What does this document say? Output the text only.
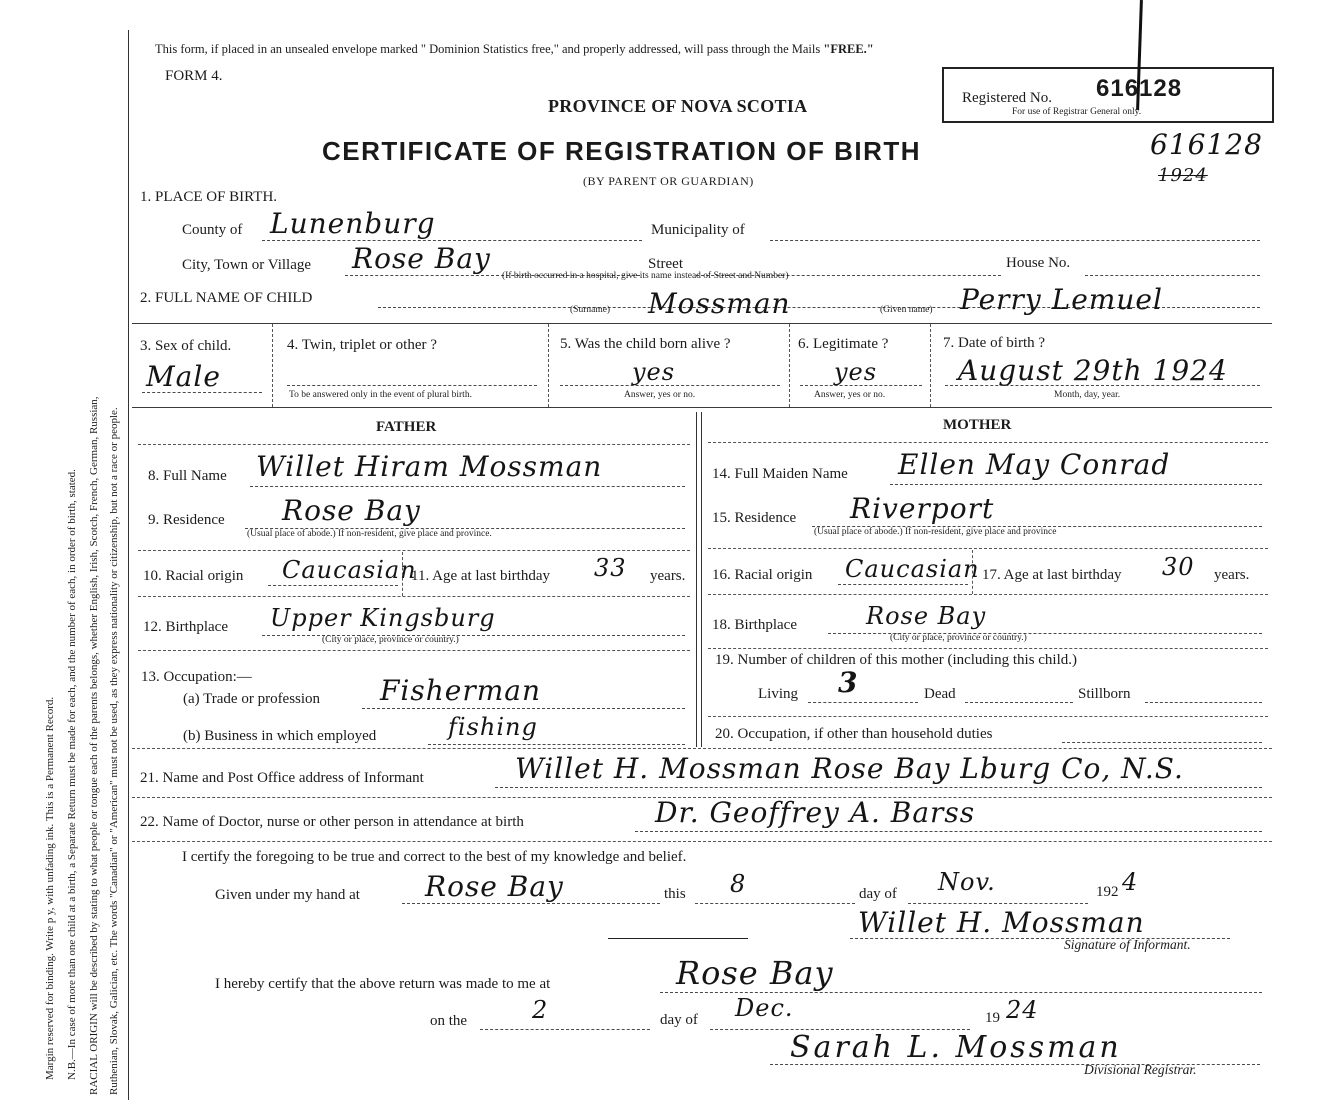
Margin reserved for binding. Write p y, with unfading ink. This is a Permanent Record. N.B.—In case of more than one child at a birth, a Separate Return must be made for each, and the number of each, in order of birth, stated. RACIAL ORIGIN will be described by stating to what people or tongue each of the parents belongs, whether English, Irish, Scotch, French, German, Russian, Ruthenian, Slovak, Galician, etc. The words "Canadian" or "American" must not be used, as they express nationality or citizenship, but not a race or people.
This form, if placed in an unsealed envelope marked " Dominion Statistics free," and properly addressed, will pass through the Mails "FREE."
FORM 4.
PROVINCE OF NOVA SCOTIA
CERTIFICATE OF REGISTRATION OF BIRTH
(BY PARENT OR GUARDIAN)
Registered No. 616128
For use of Registrar General only.
616128
1924
1. PLACE OF BIRTH.
County of Lunenburg	Municipality of
City, Town or Village Rose Bay	Street	House No.
(If birth occurred in a hospital, give its name instead of Street and Number)
2. FULL NAME OF CHILD
(Surname) Mossman	(Given name) Perry Lemuel
3. Sex of child.
Male
4. Twin, triplet or other ?
To be answered only in the event of plural birth.
5. Was the child born alive ?
yes
Answer, yes or no.
6. Legitimate ?
yes
Answer, yes or no.
7. Date of birth ?
August 29th 1924
Month, day, year.
FATHER	MOTHER
8. Full Name Willet Hiram Mossman	14. Full Maiden Name Ellen May Conrad
9. Residence Rose Bay
(Usual place of abode.) If non-resident, give place and province.
15. Residence Riverport
(Usual place of abode.) If non-resident, give place and province
10. Racial origin Caucasian
11. Age at last birthday 33 years. 16. Racial origin Caucasian 17. Age at last birthday 30 years.
12. Birthplace Upper Kingsburg
(City or place, province or country.)
18. Birthplace	Rose Bay
(City or place, province or country.)
13. Occupation:—
(a) Trade or profession Fisherman
(b) Business in which employed	fishing
19. Number of children of this mother (including this child.)
Living 3	Dead	Stillborn
20. Occupation, if other than household duties
21. Name and Post Office address of Informant	Willet H. Mossman Rose Bay Lburg Co, N.S.
22. Name of Doctor, nurse or other person in attendance at birth	Dr. Geoffrey A. Barss
I certify the foregoing to be true and correct to the best of my knowledge and belief.
Given under my hand at Rose Bay	this 8	day of Nov.	192 4
Willet H. Mossman
Signature of Informant.
I hereby certify that the above return was made to me at	Rose Bay
on the	2	day of Dec.	19 24
Sarah L. Mossman
Divisional Registrar.
